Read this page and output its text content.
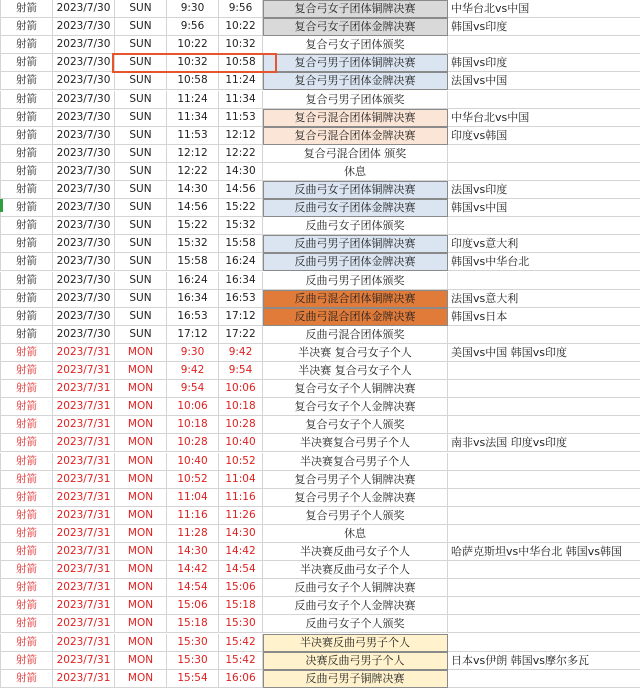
射箭	2023/7/30	SUN	9:30	9:56	复合弓女子团体铜牌决赛	中华台北vs中国
射箭	2023/7/30	SUN	9:56	10:22	复合弓女子团体金牌决赛	韩国vs印度
射箭	2023/7/30	SUN	10:22	10:32	复合弓女子团体颁奖
射箭	2023/7/30	SUN	10:32	10:58	复合弓男子团体铜牌决赛	韩国vs印度
射箭	2023/7/30	SUN	10:58	11:24	复合弓男子团体金牌决赛	法国vs中国
射箭	2023/7/30	SUN	11:24	11:34	复合弓男子团体颁奖
射箭	2023/7/30	SUN	11:34	11:53	复合弓混合团体铜牌决赛	中华台北vs中国
射箭	2023/7/30	SUN	11:53	12:12	复合弓混合团体金牌决赛	印度vs韩国
射箭	2023/7/30	SUN	12:12	12:22	复合弓混合团体 颁奖
射箭	2023/7/30	SUN	12:22	14:30	休息
射箭	2023/7/30	SUN	14:30	14:56	反曲弓女子团体铜牌决赛	法国vs印度
射箭	2023/7/30	SUN	14:56	15:22	反曲弓女子团体金牌决赛	韩国vs中国
射箭	2023/7/30	SUN	15:22	15:32	反曲弓女子团体颁奖
射箭	2023/7/30	SUN	15:32	15:58	反曲弓男子团体铜牌决赛	印度vs意大利
射箭	2023/7/30	SUN	15:58	16:24	反曲弓男子团体金牌决赛	韩国vs中华台北
射箭	2023/7/30	SUN	16:24	16:34	反曲弓男子团体颁奖
射箭	2023/7/30	SUN	16:34	16:53	反曲弓混合团体铜牌决赛	法国vs意大利
射箭	2023/7/30	SUN	16:53	17:12	反曲弓混合团体金牌决赛	韩国vs日本
射箭	2023/7/30	SUN	17:12	17:22	反曲弓混合团体颁奖
射箭	2023/7/31	MON	9:30	9:42	半决赛 复合弓女子个人	美国vs中国 韩国vs印度
射箭	2023/7/31	MON	9:42	9:54	半决赛 复合弓女子个人
射箭	2023/7/31	MON	9:54	10:06	复合弓女子个人铜牌决赛
射箭	2023/7/31	MON	10:06	10:18	复合弓女子个人金牌决赛
射箭	2023/7/31	MON	10:18	10:28	复合弓女子个人颁奖
射箭	2023/7/31	MON	10:28	10:40	半决赛复合弓男子个人	南非vs法国 印度vs印度
射箭	2023/7/31	MON	10:40	10:52	半决赛复合弓男子个人
射箭	2023/7/31	MON	10:52	11:04	复合弓男子个人铜牌决赛
射箭	2023/7/31	MON	11:04	11:16	复合弓男子个人金牌决赛
射箭	2023/7/31	MON	11:16	11:26	复合弓男子个人颁奖
射箭	2023/7/31	MON	11:28	14:30	休息
射箭	2023/7/31	MON	14:30	14:42	半决赛反曲弓女子个人	哈萨克斯坦vs中华台北 韩国vs韩国
射箭	2023/7/31	MON	14:42	14:54	半决赛反曲弓女子个人
射箭	2023/7/31	MON	14:54	15:06	反曲弓女子个人铜牌决赛
射箭	2023/7/31	MON	15:06	15:18	反曲弓女子个人金牌决赛
射箭	2023/7/31	MON	15:18	15:30	反曲弓女子个人颁奖
射箭	2023/7/31	MON	15:30	15:42	半决赛反曲弓男子个人
射箭	2023/7/31	MON	15:30	15:42	决赛反曲弓男子个人	日本vs伊朗 韩国vs摩尔多瓦
射箭	2023/7/31	MON	15:54	16:06	反曲弓男子铜牌决赛
